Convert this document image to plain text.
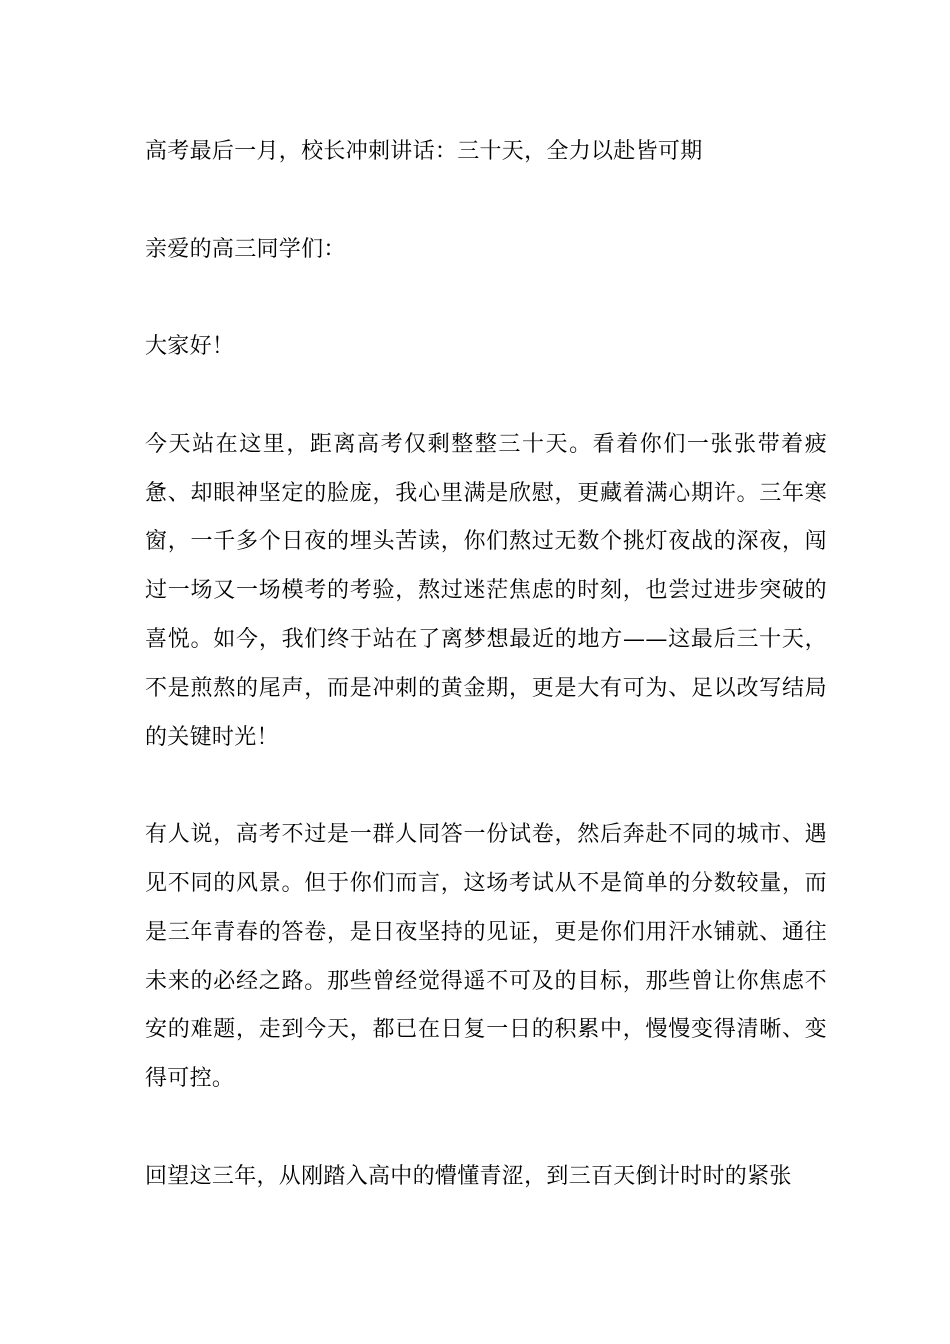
高考最后一月，校长冲刺讲话：三十天，全力以赴皆可期
亲爱的高三同学们：
大家好！
今天站在这里，距离高考仅剩整整三十天。看着你们一张张带着疲惫、却眼神坚定的脸庞，我心里满是欣慰，更藏着满心期许。三年寒窗，一千多个日夜的埋头苦读，你们熬过无数个挑灯夜战的深夜，闯过一场又一场模考的考验，熬过迷茫焦虑的时刻，也尝过进步突破的喜悦。如今，我们终于站在了离梦想最近的地方——这最后三十天，不是煎熬的尾声，而是冲刺的黄金期，更是大有可为、足以改写结局的关键时光！
有人说，高考不过是一群人同答一份试卷，然后奔赴不同的城市、遇见不同的风景。但于你们而言，这场考试从不是简单的分数较量，而是三年青春的答卷，是日夜坚持的见证，更是你们用汗水铺就、通往未来的必经之路。那些曾经觉得遥不可及的目标，那些曾让你焦虑不安的难题，走到今天，都已在日复一日的积累中，慢慢变得清晰、变得可控。
回望这三年，从刚踏入高中的懵懂青涩，到三百天倒计时时的紧张
